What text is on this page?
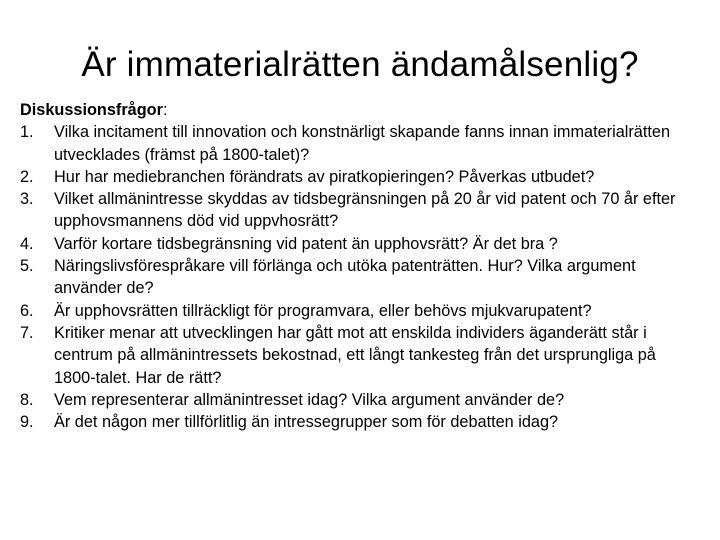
Är immaterialrätten ändamålsenlig?

Diskussionsfrågor:

1.	Vilka incitament till innovation och konstnärligt skapande fanns innan immaterialrätten utvecklades (främst på 1800-talet)?
2.	Hur har mediebranchen förändrats av piratkopieringen? Påverkas utbudet?
3.	Vilket allmänintresse skyddas av tidsbegränsningen på 20 år vid patent och 70 år efter upphovsmannens död vid uppvhosrätt?
4.	Varför kortare tidsbegränsning vid patent än upphovsrätt? Är det bra ?
5.	Näringslivsförespråkare vill förlänga och utöka patenträtten. Hur? Vilka argument använder de?
6.	Är upphovsrätten tillräckligt för programvara, eller behövs mjukvarupatent?
7.	Kritiker menar att utvecklingen har gått mot att enskilda individers äganderätt står i centrum på allmänintressets bekostnad, ett långt tankesteg från det ursprungliga på 1800-talet. Har de rätt?
8.	Vem representerar allmänintresset idag? Vilka argument använder de?
9.	Är det någon mer tillförlitlig än intressegrupper som för debatten idag?
